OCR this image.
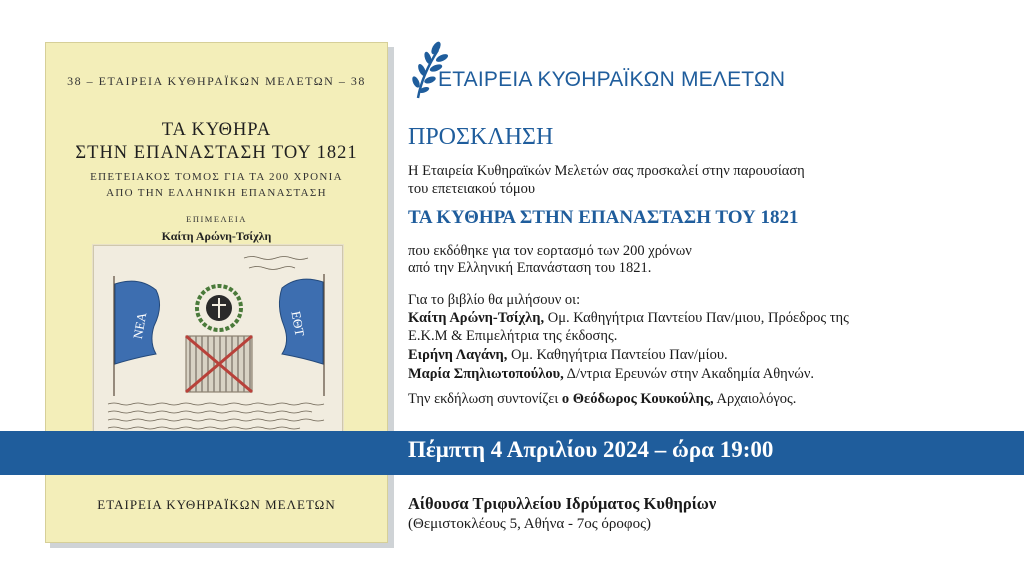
38 – ΕΤΑΙΡΕΙΑ ΚΥΘΗΡΑΪΚΩΝ ΜΕΛΕΤΩΝ – 38
ΤΑ ΚΥΘΗΡΑ
ΣΤΗΝ ΕΠΑΝΑΣΤΑΣΗ ΤΟΥ 1821
ΕΠΕΤΕΙΑΚΟΣ ΤΟΜΟΣ ΓΙΑ ΤΑ 200 ΧΡΟΝΙΑ
ΑΠΟ ΤΗΝ ΕΛΛΗΝΙΚΗ ΕΠΑΝΑΣΤΑΣΗ
ΕΠΙΜΕΛΕΙΑ
Καίτη Αρώνη-Τσίχλη
ΝΕΑ	ΕΘΤ
ΕΤΑΙΡΕΙΑ ΚΥΘΗΡΑΪΚΩΝ ΜΕΛΕΤΩΝ
ΕΤΑΙΡΕΙΑ ΚΥΘΗΡΑΪΚΩΝ ΜΕΛΕΤΩΝ
ΠΡΟΣΚΛΗΣΗ
Η Εταιρεία Κυθηραϊκών Μελετών σας προσκαλεί στην παρουσίαση
του επετειακού τόμου
ΤΑ ΚΥΘΗΡΑ ΣΤΗΝ ΕΠΑΝΑΣΤΑΣΗ ΤΟΥ 1821
που εκδόθηκε για τον εορτασμό των 200 χρόνων
από την Ελληνική Επανάσταση του 1821.
Για το βιβλίο θα μιλήσουν οι:
Καίτη Αρώνη-Τσίχλη, Ομ. Καθηγήτρια Παντείου Παν/μιου, Πρόεδρος της
Ε.Κ.Μ & Επιμελήτρια της έκδοσης.
Ειρήνη Λαγάνη, Ομ. Καθηγήτρια Παντείου Παν/μίου.
Μαρία Σπηλιωτοπούλου, Δ/ντρια Ερευνών στην Ακαδημία Αθηνών.
Την εκδήλωση συντονίζει ο Θεόδωρος Κουκούλης, Αρχαιολόγος.
Πέμπτη 4 Απριλίου 2024 – ώρα 19:00
Αίθουσα Τριφυλλείου Ιδρύματος Κυθηρίων
(Θεμιστοκλέους 5, Αθήνα - 7ος όροφος)
